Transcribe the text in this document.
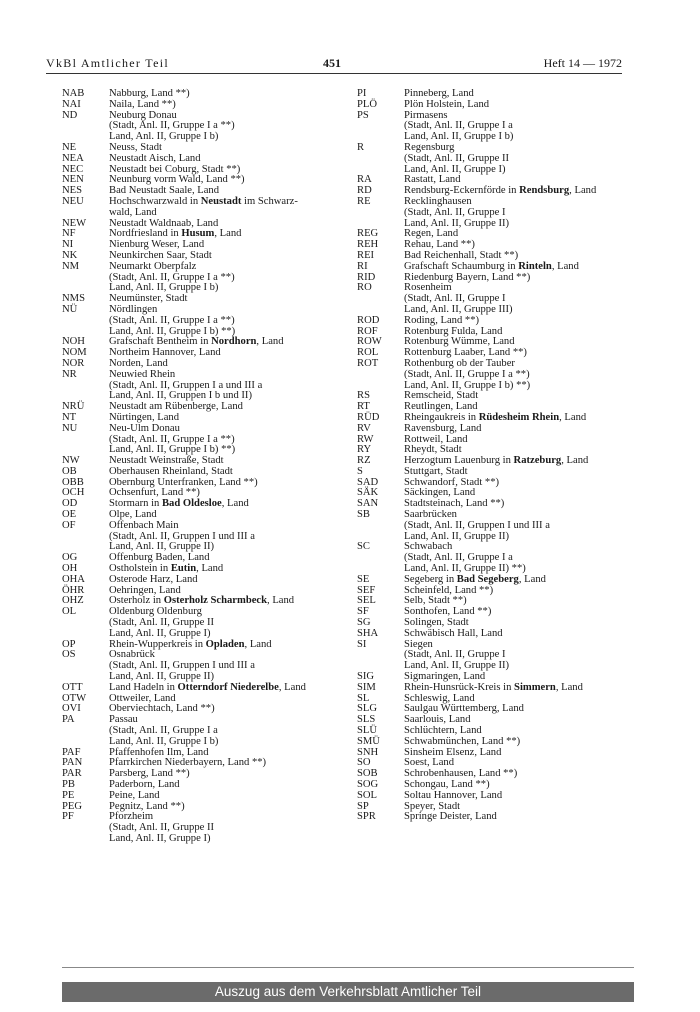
VkBl Amtlicher Teil	451	Heft 14 — 1972
NAB	Nabburg, Land **)
NAI	Naila, Land **)
ND	Neuburg Donau
(Stadt, Anl. II, Gruppe I a **)
Land, Anl. II, Gruppe I b)
NE	Neuss, Stadt
NEA	Neustadt Aisch, Land
NEC	Neustadt bei Coburg, Stadt **)
NEN	Neunburg vorm Wald, Land **)
NES	Bad Neustadt Saale, Land
NEU	Hochschwarzwald in Neustadt im Schwarz-
wald, Land
NEW	Neustadt Waldnaab, Land
NF	Nordfriesland in Husum, Land
NI	Nienburg Weser, Land
NK	Neunkirchen Saar, Stadt
NM	Neumarkt Oberpfalz
(Stadt, Anl. II, Gruppe I a **)
Land, Anl. II, Gruppe I b)
NMS	Neumünster, Stadt
NÜ	Nördlingen
(Stadt, Anl. II, Gruppe I a **)
Land, Anl. II, Gruppe I b) **)
NOH	Grafschaft Bentheim in Nordhorn, Land
NOM	Northeim Hannover, Land
NOR	Norden, Land
NR	Neuwied Rhein
(Stadt, Anl. II, Gruppen I a und III a
Land, Anl. II, Gruppen I b und II)
NRÜ	Neustadt am Rübenberge, Land
NT	Nürtingen, Land
NU	Neu-Ulm Donau
(Stadt, Anl. II, Gruppe I a **)
Land, Anl. II, Gruppe I b) **)
NW	Neustadt Weinstraße, Stadt
OB	Oberhausen Rheinland, Stadt
OBB	Obernburg Unterfranken, Land **)
OCH	Ochsenfurt, Land **)
OD	Stormarn in Bad Oldesloe, Land
OE	Olpe, Land
OF	Offenbach Main
(Stadt, Anl. II, Gruppen I und III a
Land, Anl. II, Gruppe II)
OG	Offenburg Baden, Land
OH	Ostholstein in Eutin, Land
OHA	Osterode Harz, Land
ÖHR	Oehringen, Land
OHZ	Osterholz in Osterholz Scharmbeck, Land
OL	Oldenburg Oldenburg
(Stadt, Anl. II, Gruppe II
Land, Anl. II, Gruppe I)
OP	Rhein-Wupperkreis in Opladen, Land
OS	Osnabrück
(Stadt, Anl. II, Gruppen I und III a
Land, Anl. II, Gruppe II)
OTT	Land Hadeln in Otterndorf Niederelbe, Land
OTW	Ottweiler, Land
OVI	Oberviechtach, Land **)
PA	Passau
(Stadt, Anl. II, Gruppe I a
Land, Anl. II, Gruppe I b)
PAF	Pfaffenhofen Ilm, Land
PAN	Pfarrkirchen Niederbayern, Land **)
PAR	Parsberg, Land **)
PB	Paderborn, Land
PE	Peine, Land
PEG	Pegnitz, Land **)
PF	Pforzheim
(Stadt, Anl. II, Gruppe II
Land, Anl. II, Gruppe I)
PI	Pinneberg, Land
PLÖ	Plön Holstein, Land
PS	Pirmasens
(Stadt, Anl. II, Gruppe I a
Land, Anl. II, Gruppe I b)
R	Regensburg
(Stadt, Anl. II, Gruppe II
Land, Anl. II, Gruppe I)
RA	Rastatt, Land
RD	Rendsburg-Eckernförde in Rendsburg, Land
RE	Recklinghausen
(Stadt, Anl. II, Gruppe I
Land, Anl. II, Gruppe II)
REG	Regen, Land
REH	Rehau, Land **)
REI	Bad Reichenhall, Stadt **)
RI	Grafschaft Schaumburg in Rinteln, Land
RID	Riedenburg Bayern, Land **)
RO	Rosenheim
(Stadt, Anl. II, Gruppe I
Land, Anl. II, Gruppe III)
ROD	Roding, Land **)
ROF	Rotenburg Fulda, Land
ROW	Rotenburg Wümme, Land
ROL	Rottenburg Laaber, Land **)
ROT	Rothenburg ob der Tauber
(Stadt, Anl. II, Gruppe I a **)
Land, Anl. II, Gruppe I b) **)
RS	Remscheid, Stadt
RT	Reutlingen, Land
RÜD	Rheingaukreis in Rüdesheim Rhein, Land
RV	Ravensburg, Land
RW	Rottweil, Land
RY	Rheydt, Stadt
RZ	Herzogtum Lauenburg in Ratzeburg, Land
S	Stuttgart, Stadt
SAD	Schwandorf, Stadt **)
SÄK	Säckingen, Land
SAN	Stadtsteinach, Land **)
SB	Saarbrücken
(Stadt, Anl. II, Gruppen I und III a
Land, Anl. II, Gruppe II)
SC	Schwabach
(Stadt, Anl. II, Gruppe I a
Land, Anl. II, Gruppe II) **)
SE	Segeberg in Bad Segeberg, Land
SEF	Scheinfeld, Land **)
SEL	Selb, Stadt **)
SF	Sonthofen, Land **)
SG	Solingen, Stadt
SHA	Schwäbisch Hall, Land
SI	Siegen
(Stadt, Anl. II, Gruppe I
Land, Anl. II, Gruppe II)
SIG	Sigmaringen, Land
SIM	Rhein-Hunsrück-Kreis in Simmern, Land
SL	Schleswig, Land
SLG	Saulgau Württemberg, Land
SLS	Saarlouis, Land
SLÜ	Schlüchtern, Land
SMÜ	Schwabmünchen, Land **)
SNH	Sinsheim Elsenz, Land
SO	Soest, Land
SOB	Schrobenhausen, Land **)
SOG	Schongau, Land **)
SOL	Soltau Hannover, Land
SP	Speyer, Stadt
SPR	Springe Deister, Land
Auszug aus dem Verkehrsblatt Amtlicher Teil
